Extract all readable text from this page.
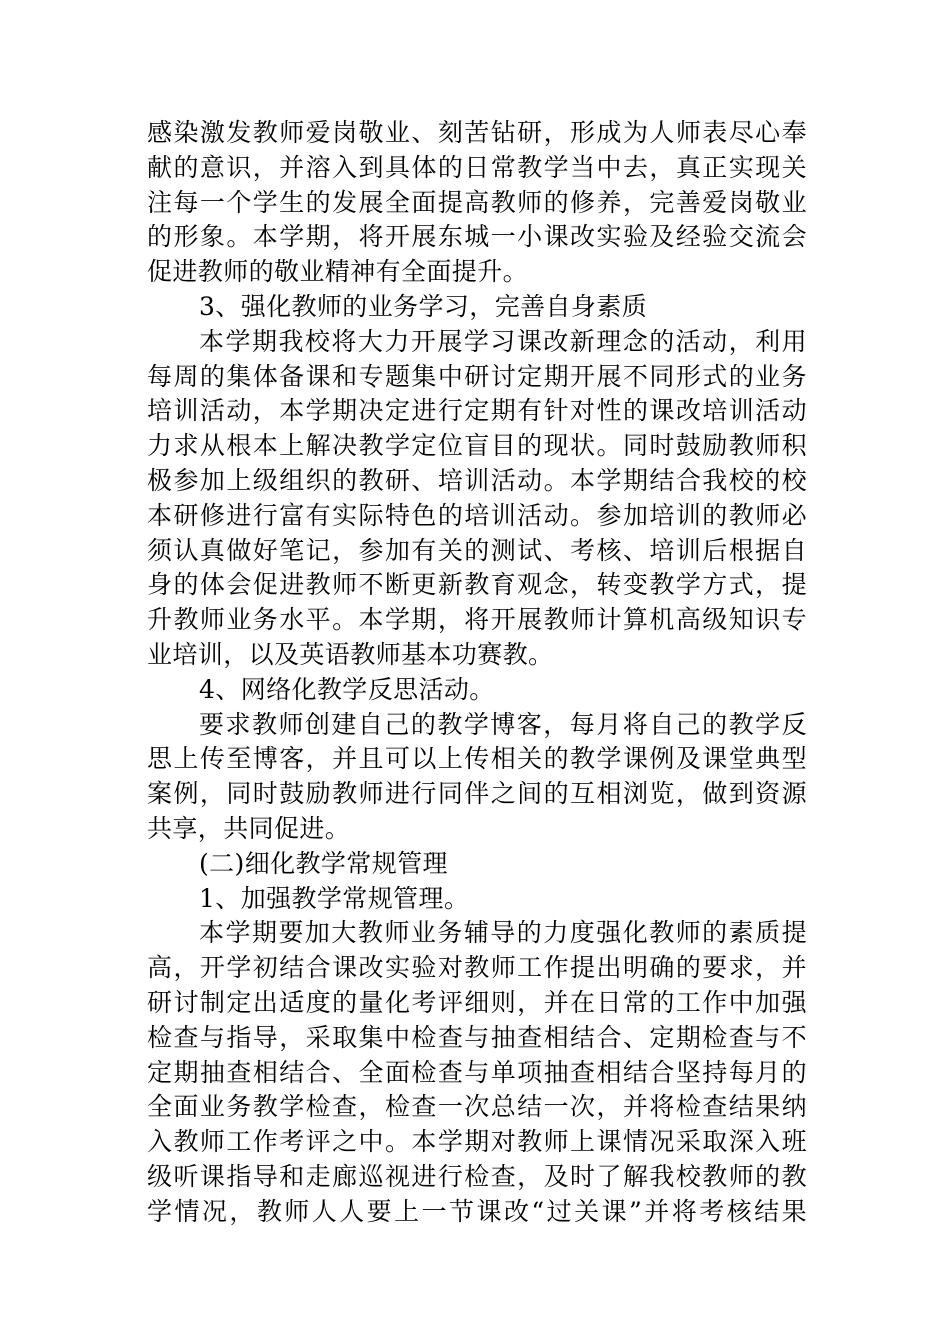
感染激发教师爱岗敬业、刻苦钻研，形成为人师表尽心奉
献的意识，并溶入到具体的日常教学当中去，真正实现关
注每一个学生的发展全面提高教师的修养，完善爱岗敬业
的形象。本学期，将开展东城一小课改实验及经验交流会
促进教师的敬业精神有全面提升。
3、强化教师的业务学习，完善自身素质
本学期我校将大力开展学习课改新理念的活动，利用
每周的集体备课和专题集中研讨定期开展不同形式的业务
培训活动，本学期决定进行定期有针对性的课改培训活动
力求从根本上解决教学定位盲目的现状。同时鼓励教师积
极参加上级组织的教研、培训活动。本学期结合我校的校
本研修进行富有实际特色的培训活动。参加培训的教师必
须认真做好笔记，参加有关的测试、考核、培训后根据自
身的体会促进教师不断更新教育观念，转变教学方式，提
升教师业务水平。本学期，将开展教师计算机高级知识专
业培训，以及英语教师基本功赛教。
4、网络化教学反思活动。
要求教师创建自己的教学博客，每月将自己的教学反
思上传至博客，并且可以上传相关的教学课例及课堂典型
案例，同时鼓励教师进行同伴之间的互相浏览，做到资源
共享，共同促进。
(二)细化教学常规管理
1、加强教学常规管理。
本学期要加大教师业务辅导的力度强化教师的素质提
高，开学初结合课改实验对教师工作提出明确的要求，并
研讨制定出适度的量化考评细则，并在日常的工作中加强
检查与指导，采取集中检查与抽查相结合、定期检查与不
定期抽查相结合、全面检查与单项抽查相结合坚持每月的
全面业务教学检查，检查一次总结一次，并将检查结果纳
入教师工作考评之中。本学期对教师上课情况采取深入班
级听课指导和走廊巡视进行检查，及时了解我校教师的教
学情况，教师人人要上一节课改“过关课”并将考核结果
